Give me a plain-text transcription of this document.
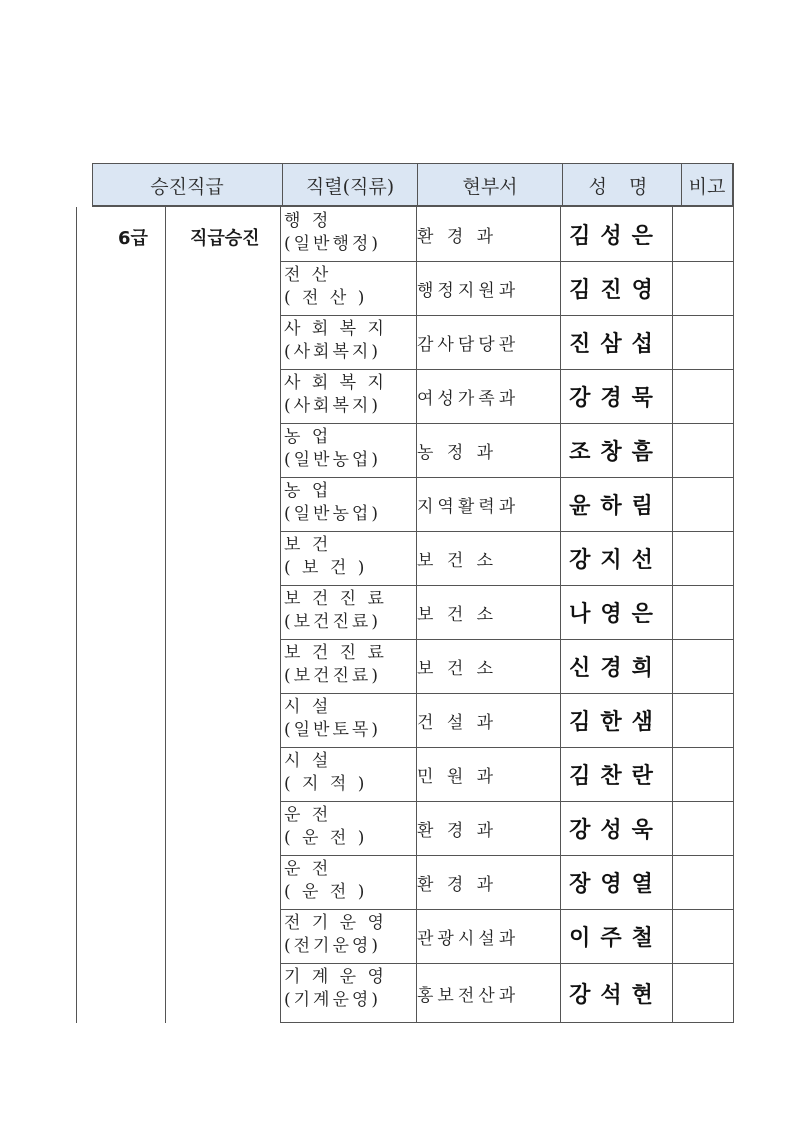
승진직급	직렬(직류)	현부서	성 명	비고
6급 직급승진
행 정
(일반행정)	환 경 과	김성은
전 산
( 전 산 )	행정지원과	김진영
사 회 복 지
(사회복지)	감사담당관	진삼섭
사 회 복 지
(사회복지)	여성가족과	강경묵
농 업
(일반농업)	농 정 과	조창흠
농 업
(일반농업)	지역활력과	윤하림
보 건
( 보 건 )	보 건 소	강지선
보 건 진 료
(보건진료)	보 건 소	나영은
보 건 진 료
(보건진료)	보 건 소	신경희
시 설
(일반토목)	건 설 과	김한샘
시 설
( 지 적 )	민 원 과	김찬란
운 전
( 운 전 )	환 경 과	강성욱
운 전
( 운 전 )	환 경 과	장영열
전 기 운 영
(전기운영)	관광시설과	이주철
기 계 운 영
(기계운영)	홍보전산과	강석현
